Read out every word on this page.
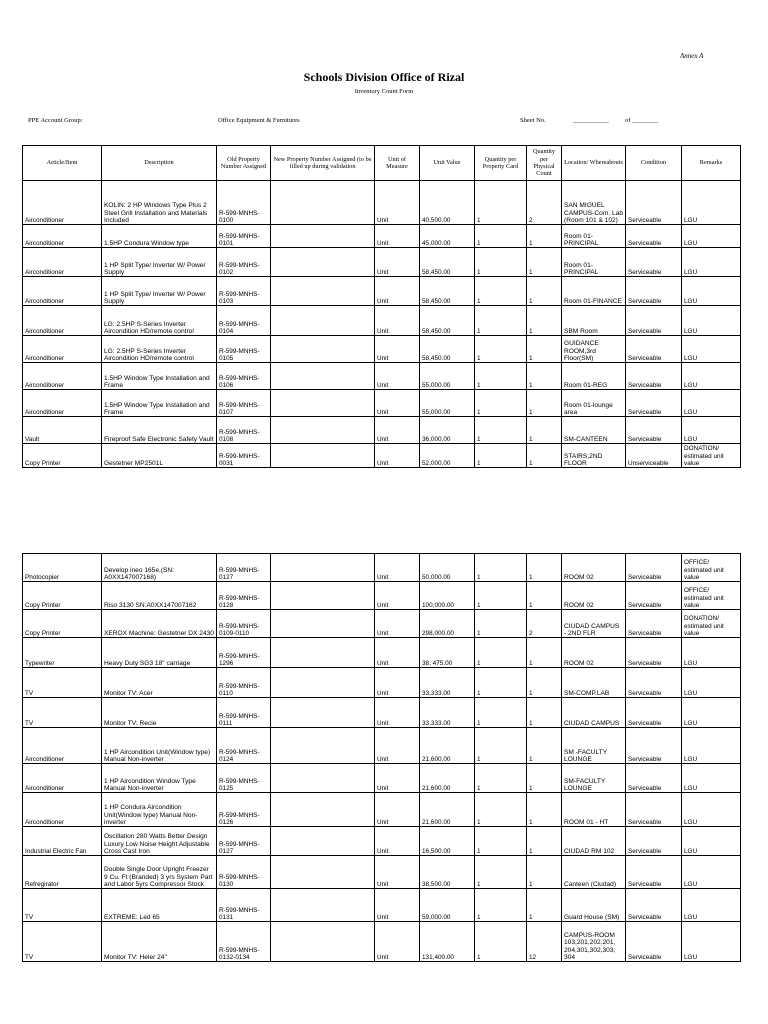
Annex A
Schools Division Office of Rizal
Inventory Count Form
PPE Account Group:	Office Equipment & Furnitures	Sheet No.	___________	of ________
Article/Item	Description	Old Property Number Assigned	New Property Number Assigned (to be filled up during validation	Unit of Measure	Unit Value	Quantity per Property Card	Quantity per Physical Count	Location/ Whereabouts	Condition	Remarks
Airconditioner	KOLIN: 2 HP Windows Type Plus 2 Steel Grill Installation and Materials Included	R-599-MNHS-0100		Unit	40,500.00	1	2	SAN MIGUEL CAMPUS-Com. Lab (Room 101 & 102)	Serviceable	LGU
Airconditioner	1.5HP Condura Window type	R-599-MNHS-0101		Unit	45,000.00	1	1	Room 01-PRINCIPAL	Serviceable	LGU
Airconditioner	1 HP Split Type/ Inverter W/ Power Supply	R-599-MNHS-0102		Unit	58,450.00	1	1	Room 01-PRINCIPAL	Serviceable	LGU
Airconditioner	1 HP Split Type/ Inverter W/ Power Supply	R-599-MNHS-0103		Unit	58,450.00	1	1	Room 01-FINANCE	Serviceable	LGU
Airconditioner	LG: 2.5HP S-Series Inverter Aircondition HD/remote control	R-599-MNHS-0104		Unit	58,450.00	1	1	SBM Room	Serviceable	LGU
Airconditioner	LG: 2.5HP S-Series Inverter Aircondition HD/remote control	R-599-MNHS-0105		Unit	58,450.00	1	1	GUIDANCE ROOM,3rd Floor(SM)	Serviceable	LGU
Airconditioner	1.5HP Window Type Installation and Frame	R-599-MNHS-0106		Unit	55,000.00	1	1	Room 01-REG	Serviceable	LGU
Airconditioner	1.5HP Window Type Installation and Frame	R-599-MNHS-0107		Unit	55,000.00	1	1	Room 01-lounge area	Serviceable	LGU
Vault	Fireproof Safe Electronic Safety Vault	R-599-MNHS-0108		Unit	36,000.00	1	1	SM-CANTEEN	Serviceable	LGU
Copy Printer	Gestetner MP2501L	R-599-MNHS-0031		Unit	52,000.00	1	1	STAIRS,2ND FLOOR	Unserviceable	DONATION/ estimated unit value
Photocopier	Develop ineo 165e,(SN: A0XX147007168)	R-599-MNHS-0127		Unit	50,000.00	1	1	ROOM 02	Serviceable	OFFICE/ estimated unit value
Copy Printer	Riso 3130 SN:A0XX147007162	R-599-MNHS-0128		Unit	100,000.00	1	1	ROOM 02	Serviceable	OFFICE/ estimated unit value
Copy Printer	XEROX Machine: Gestetner DX 2430	R-599-MNHS-0109-0110		Unit	298,000.00	1	2	CIUDAD CAMPUS - 2ND FLR	Serviceable	DONATION/ estimated unit value
Typewriter	Heavy Duty SG3 18" carriage	R-599-MNHS-1296		Unit	38, 475.00	1	1	ROOM 02	Serviceable	LGU
TV	Monitor TV: Acer	R-599-MNHS-0110		Unit	33,333.00	1	1	SM-COMP.LAB	Serviceable	LGU
TV	Monitor TV: Recie	R-599-MNHS-0111		Unit	33,333.00	1	1	CIUDAD CAMPUS	Serviceable	LGU
Airconditioner	1 HP Aircondition Unit(Window type) Manual Non-inverter	R-599-MNHS-0124		Unit	21,600.00	1	1	SM -FACULTY LOUNGE	Serviceable	LGU
Airconditioner	1 HP Aircondition Window Type Manual Non-inverter	R-599-MNHS-0125		Unit	21,600.00	1	1	SM-FACULTY LOUNGE	Serviceable	LGU
Airconditioner	1 HP Condura Aircondition Unit(Window type) Manual Non-inverter	R-599-MNHS-0126		Unit	21,600.00	1	1	ROOM 01 - HT	Serviceable	LGU
Industrial Electric Fan	Oscillation 280 Watts Better Design Luxury Low Noise Height Adjustable Cross Cast Iron	R-599-MNHS-0127		Unit	16,500.00	1	1	CIUDAD RM 102	Serviceable	LGU
Refregirator	Double Single Door Upright Freezer 9 Cu. Ft (Branded) 3 yrs System Part and Labor 5yrs Compressor Stock	R-599-MNHS-0130		Unit	38,500.00	1	1	Canteen (Ciudad)	Serviceable	LGU
TV	EXTREME: Led 65	R-599-MNHS-0131		Unit	59,000.00	1	1	Guard House (SM)	Serviceable	LGU
TV	Monitor TV: Heler 24"	R-599-MNHS-0132-0134		Unit	131,400.00	1	12	CAMPUS-ROOM 103,201,202,201, 204,301,302,303, 304	Serviceable	LGU
